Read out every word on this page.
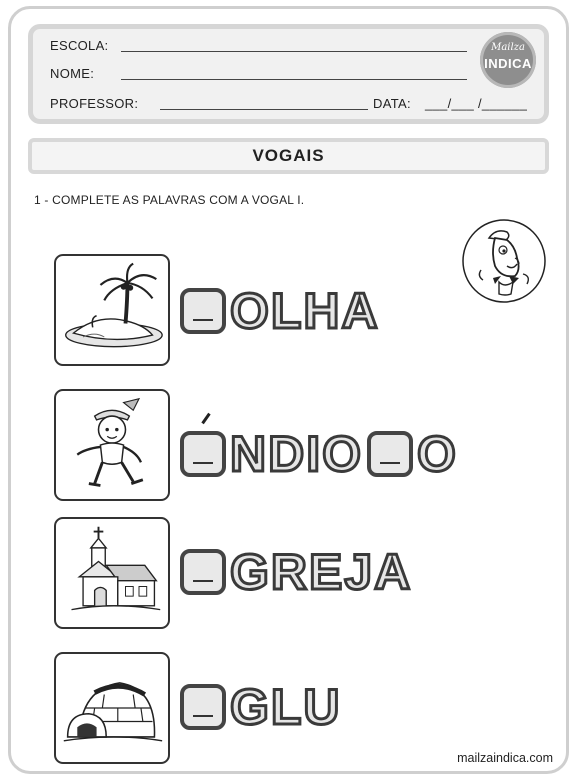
ESCOLA:
NOME:
PROFESSOR:	DATA: ___/___ /______
Mailza
INDICA
VOGAIS
1 - COMPLETE AS PALAVRAS COM A VOGAL I.
OLHA
NDIO O
GREJA
GLU
mailzaindica.com
